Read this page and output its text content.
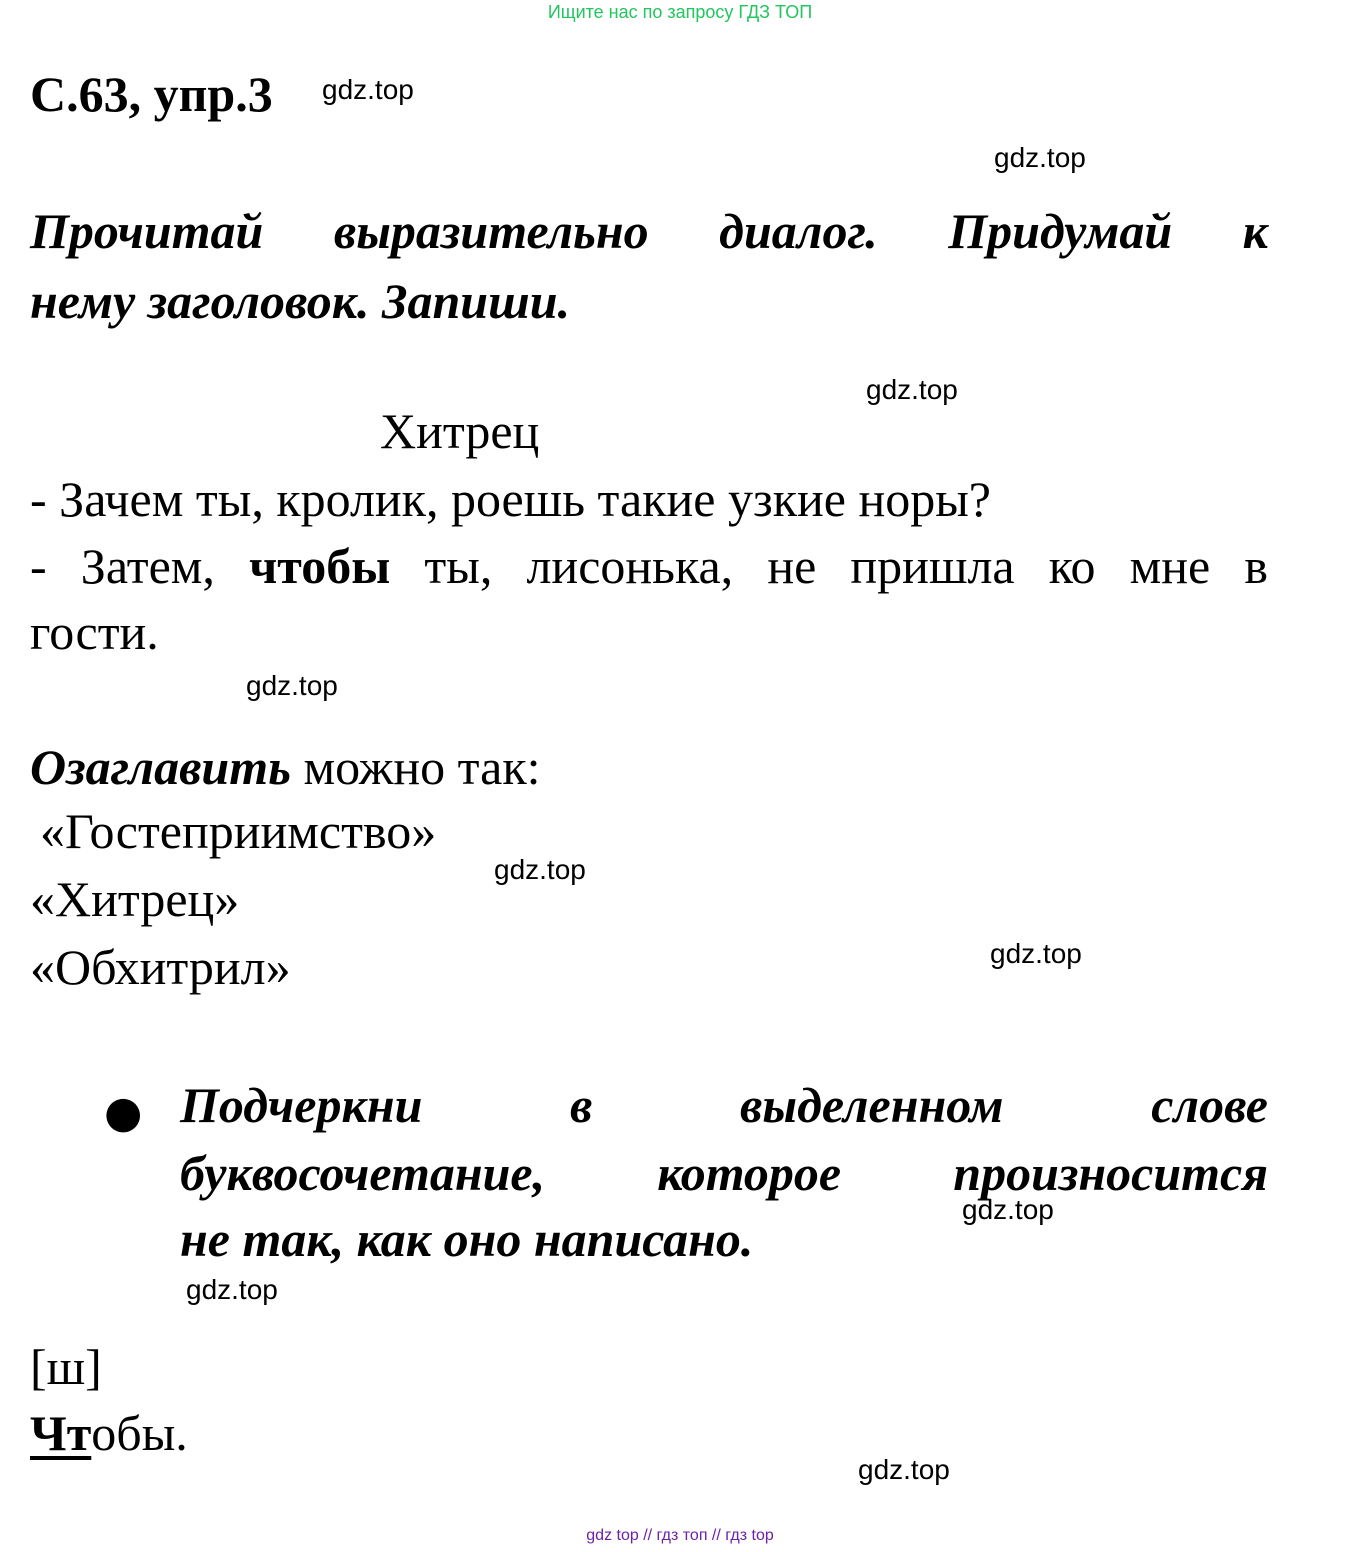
Ищите нас по запросу ГДЗ ТОП
С.63, упр.3
Прочитай выразительно диалог. Придумай к
нему заголовок. Запиши.
Хитрец
- Зачем ты, кролик, роешь такие узкие норы?
- Затем, чтобы ты, лисонька, не пришла ко мне в
гости.
Озаглавить можно так:
«Гостеприимство»
«Хитрец»
«Обхитрил»
● Подчеркни в выделенном слове
буквосочетание, которое произносится
не так, как оно написано.
[ш]
Чтобы.
gdz.top
gdz.top
gdz.top
gdz.top
gdz.top
gdz.top
gdz.top
gdz.top
gdz.top
gdz top // гдз топ // гдз top
